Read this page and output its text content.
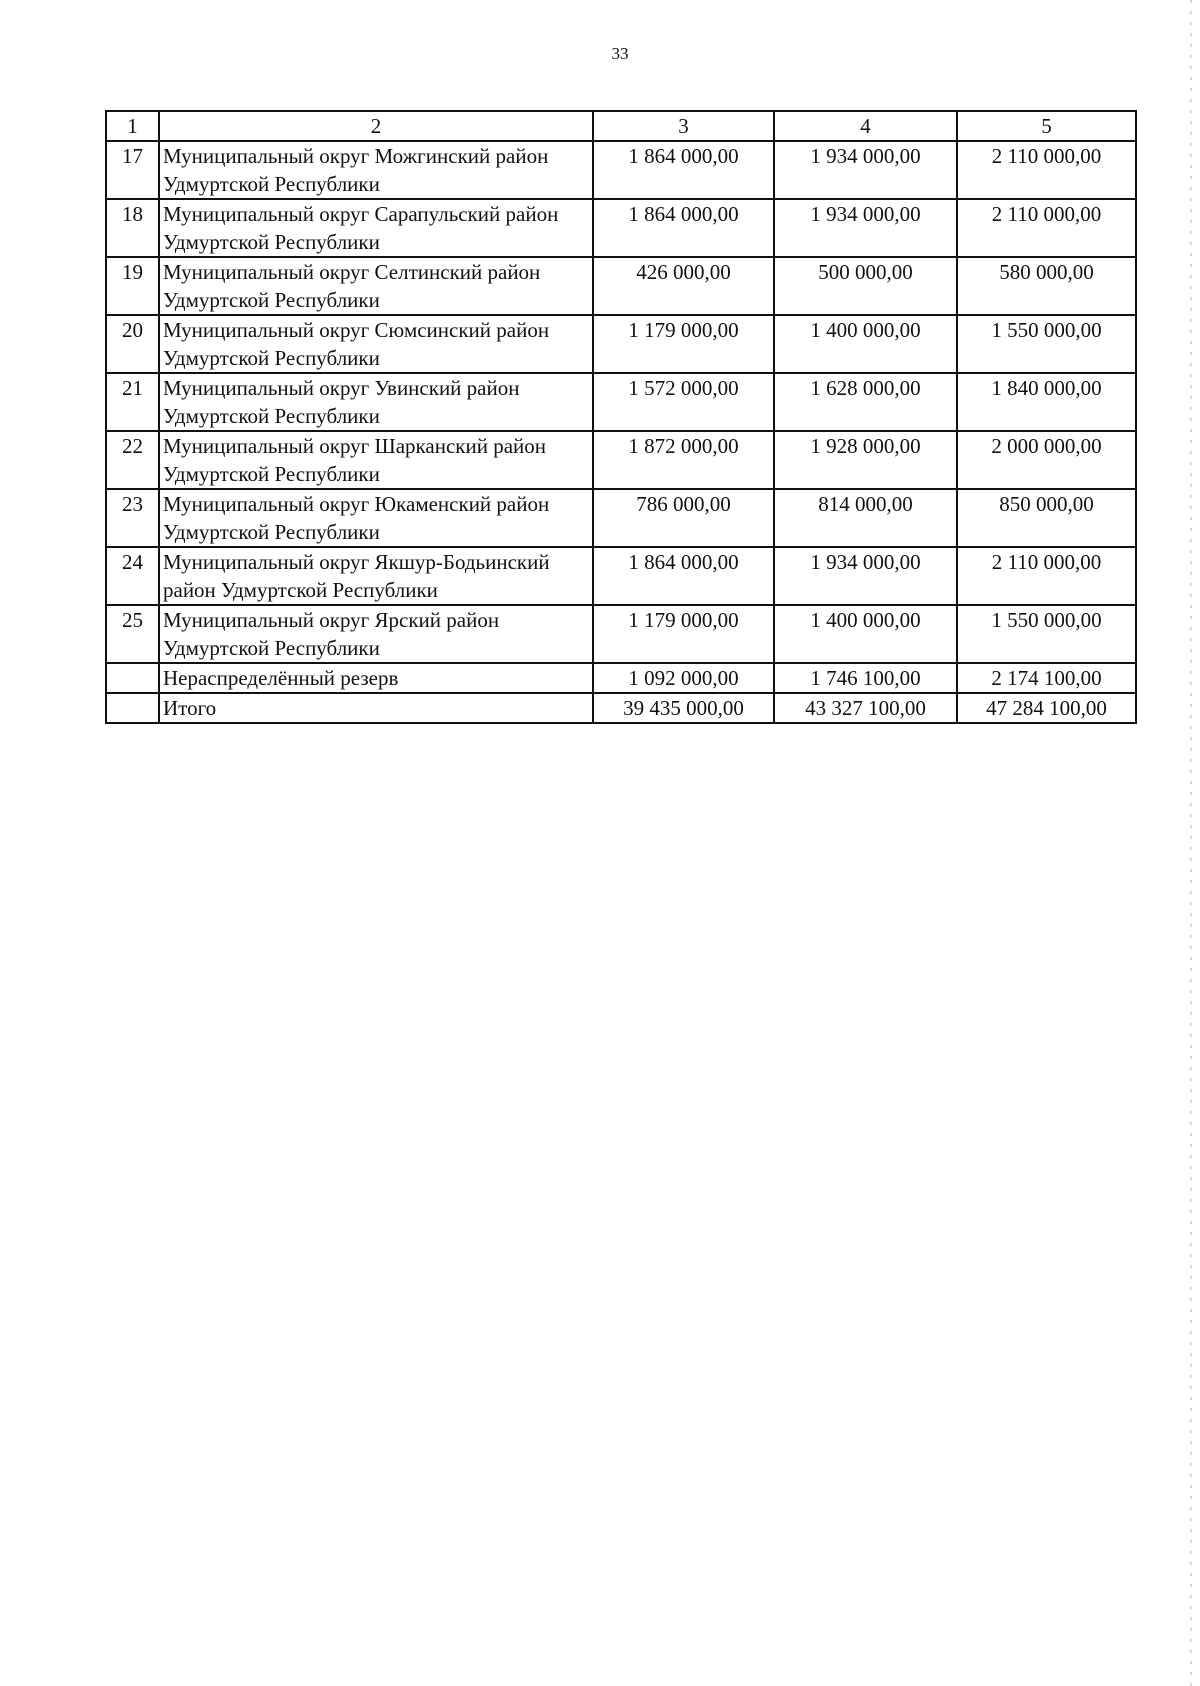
33
1	2	3	4	5
17	Муниципальный округ Можгинский район Удмуртской Республики	1 864 000,00	1 934 000,00	2 110 000,00
18	Муниципальный округ Сарапульский район Удмуртской Республики	1 864 000,00	1 934 000,00	2 110 000,00
19	Муниципальный округ Селтинский район Удмуртской Республики	426 000,00	500 000,00	580 000,00
20	Муниципальный округ Сюмсинский район Удмуртской Республики	1 179 000,00	1 400 000,00	1 550 000,00
21	Муниципальный округ Увинский район Удмуртской Республики	1 572 000,00	1 628 000,00	1 840 000,00
22	Муниципальный округ Шарканский район Удмуртской Республики	1 872 000,00	1 928 000,00	2 000 000,00
23	Муниципальный округ Юкаменский район Удмуртской Республики	786 000,00	814 000,00	850 000,00
24	Муниципальный округ Якшур-Бодьинский район Удмуртской Республики	1 864 000,00	1 934 000,00	2 110 000,00
25	Муниципальный округ Ярский район Удмуртской Республики	1 179 000,00	1 400 000,00	1 550 000,00
	Нераспределённый резерв	1 092 000,00	1 746 100,00	2 174 100,00
	Итого	39 435 000,00	43 327 100,00	47 284 100,00
